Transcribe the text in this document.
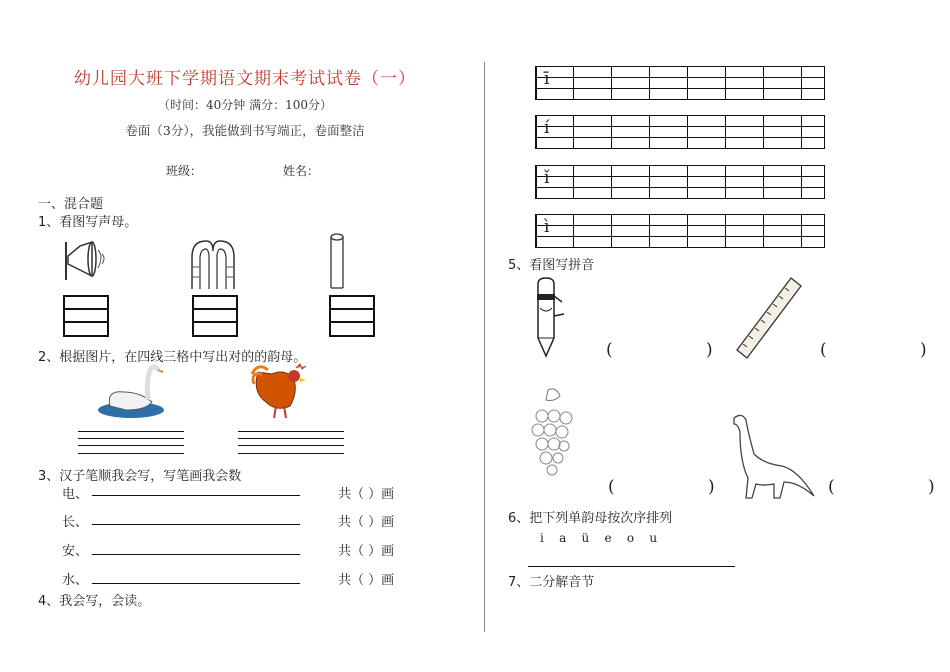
幼儿园大班下学期语文期末考试试卷（一）
（时间：40分钟 满分：100分）
卷面（3分），我能做到书写端正，卷面整洁
班级：	姓名：
一、混合题
1、看图写声母。
2、根据图片，在四线三格中写出对的的韵母。
3、汉子笔顺我会写，写笔画我会数
电、	共（ ）画
长、	共（ ）画
安、	共（ ）画
水、	共（ ）画
4、我会写，会读。
ī
í
ǐ
ì
5、看图写拼音
(	)	(	)
(	)	(	)
6、把下列单韵母按次序排列
i    a    ü    e    o    u
7、二分解音节
